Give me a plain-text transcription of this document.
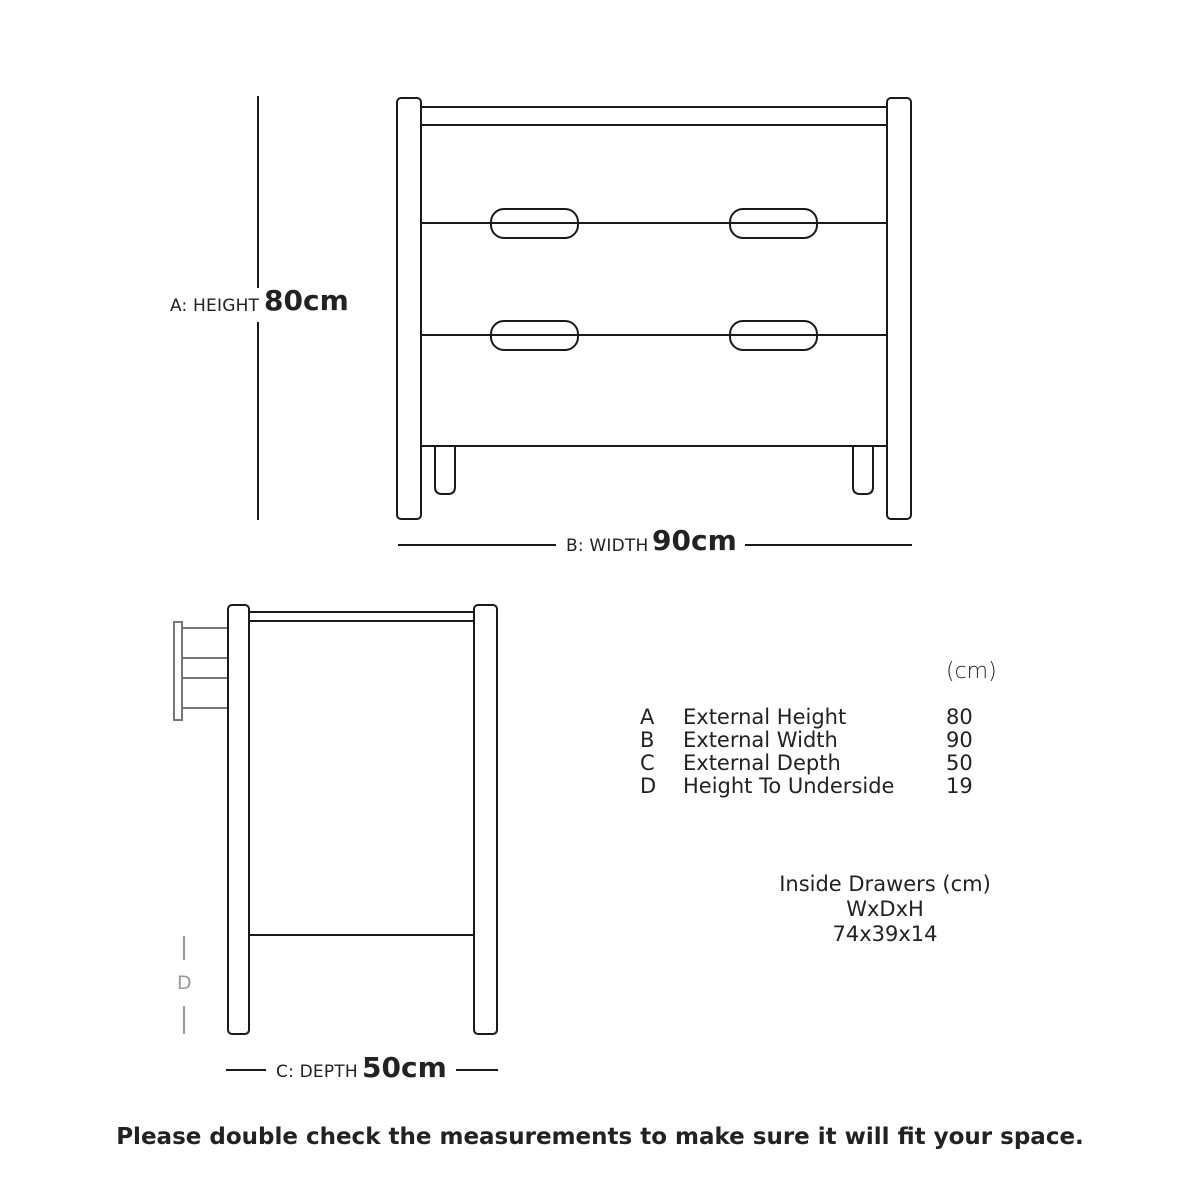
A: HEIGHT 80cm
B: WIDTH 90cm
D
C: DEPTH 50cm
(cm)
A	External Height	80
B	External Width	90
C	External Depth	50
D	Height To Underside	19
Inside Drawers (cm)
WxDxH
74x39x14
Please double check the measurements to make sure it will fit your space.
